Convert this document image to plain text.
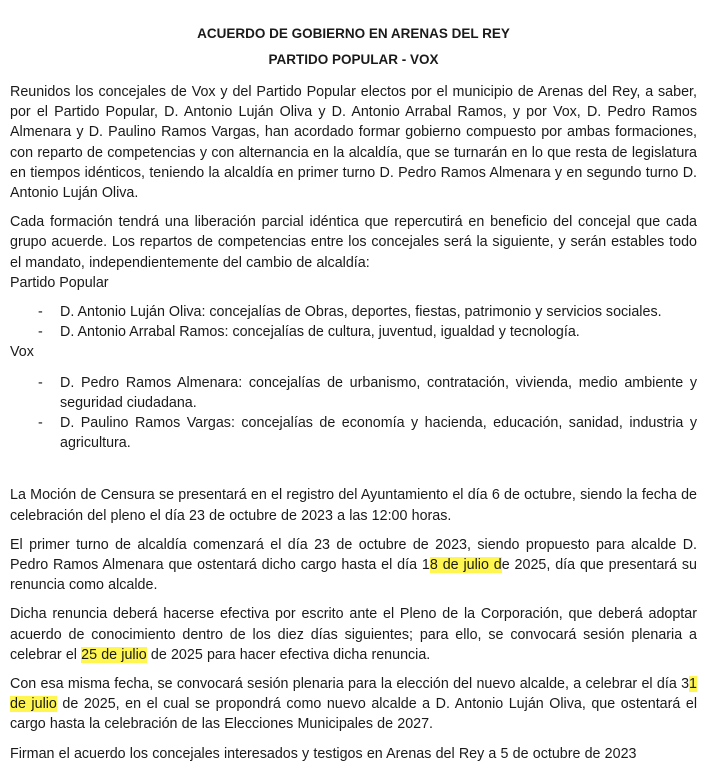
ACUERDO DE GOBIERNO EN ARENAS DEL REY
PARTIDO POPULAR - VOX

Reunidos los concejales de Vox y del Partido Popular electos por el municipio de Arenas del Rey, a saber, por el Partido Popular, D. Antonio Luján Oliva y D. Antonio Arrabal Ramos, y por Vox, D. Pedro Ramos Almenara y D. Paulino Ramos Vargas, han acordado formar gobierno compuesto por ambas formaciones, con reparto de competencias y con alternancia en la alcaldía, que se turnarán en lo que resta de legislatura en tiempos idénticos, teniendo la alcaldía en primer turno D. Pedro Ramos Almenara y en segundo turno D. Antonio Luján Oliva.

Cada formación tendrá una liberación parcial idéntica que repercutirá en beneficio del concejal que cada grupo acuerde. Los repartos de competencias entre los concejales será la siguiente, y serán estables todo el mandato, independientemente del cambio de alcaldía:

Partido Popular
- D. Antonio Luján Oliva: concejalías de Obras, deportes, fiestas, patrimonio y servicios sociales.
- D. Antonio Arrabal Ramos: concejalías de cultura, juventud, igualdad y tecnología.
Vox
- D. Pedro Ramos Almenara: concejalías de urbanismo, contratación, vivienda, medio ambiente y seguridad ciudadana.
- D. Paulino Ramos Vargas: concejalías de economía y hacienda, educación, sanidad, industria y agricultura.

La Moción de Censura se presentará en el registro del Ayuntamiento el día 6 de octubre, siendo la fecha de celebración del pleno el día 23 de octubre de 2023 a las 12:00 horas.

El primer turno de alcaldía comenzará el día 23 de octubre de 2023, siendo propuesto para alcalde D. Pedro Ramos Almenara que ostentará dicho cargo hasta el día 18 de julio de 2025, día que presentará su renuncia como alcalde.

Dicha renuncia deberá hacerse efectiva por escrito ante el Pleno de la Corporación, que deberá adoptar acuerdo de conocimiento dentro de los diez días siguientes; para ello, se convocará sesión plenaria a celebrar el 25 de julio de 2025 para hacer efectiva dicha renuncia.

Con esa misma fecha, se convocará sesión plenaria para la elección del nuevo alcalde, a celebrar el día 31 de julio de 2025, en el cual se propondrá como nuevo alcalde a D. Antonio Luján Oliva, que ostentará el cargo hasta la celebración de las Elecciones Municipales de 2027.

Firman el acuerdo los concejales interesados y testigos en Arenas del Rey a 5 de octubre de 2023
